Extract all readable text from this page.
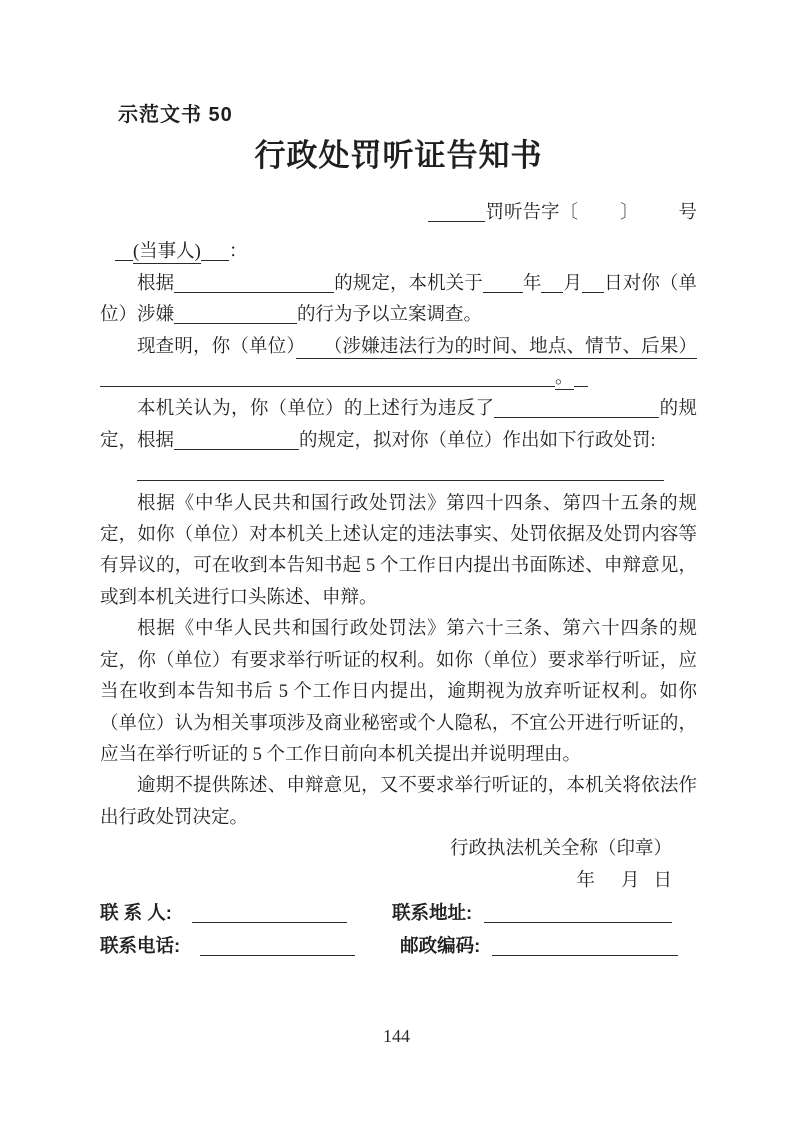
示范文书 50

行政处罚听证告知书

罚听告字〔 〕 号

(当事人) ：

根据	的规定，本机关于 年 月 日对你（单位）涉嫌	的行为予以立案调查。

现查明，你（单位）　　（涉嫌违法行为的时间、地点、情节、后果）。

本机关认为，你（单位）的上述行为违反了	的规定，根据	的规定，拟对你（单位）作出如下行政处罚:

根据《中华人民共和国行政处罚法》第四十四条、第四十五条的规定，如你（单位）对本机关上述认定的违法事实、处罚依据及处罚内容等有异议的，可在收到本告知书起 5 个工作日内提出书面陈述、申辩意见，或到本机关进行口头陈述、申辩。

根据《中华人民共和国行政处罚法》第六十三条、第六十四条的规定，你（单位）有要求举行听证的权利。如你（单位）要求举行听证，应当在收到本告知书后 5 个工作日内提出，逾期视为放弃听证权利。如你（单位）认为相关事项涉及商业秘密或个人隐私，不宜公开进行听证的，应当在举行听证的 5 个工作日前向本机关提出并说明理由。

逾期不提供陈述、申辩意见，又不要求举行听证的，本机关将依法作出行政处罚决定。

行政执法机关全称（印章）

年 月 日

联 系 人:	联系地址:

联系电话:	邮政编码:

144
